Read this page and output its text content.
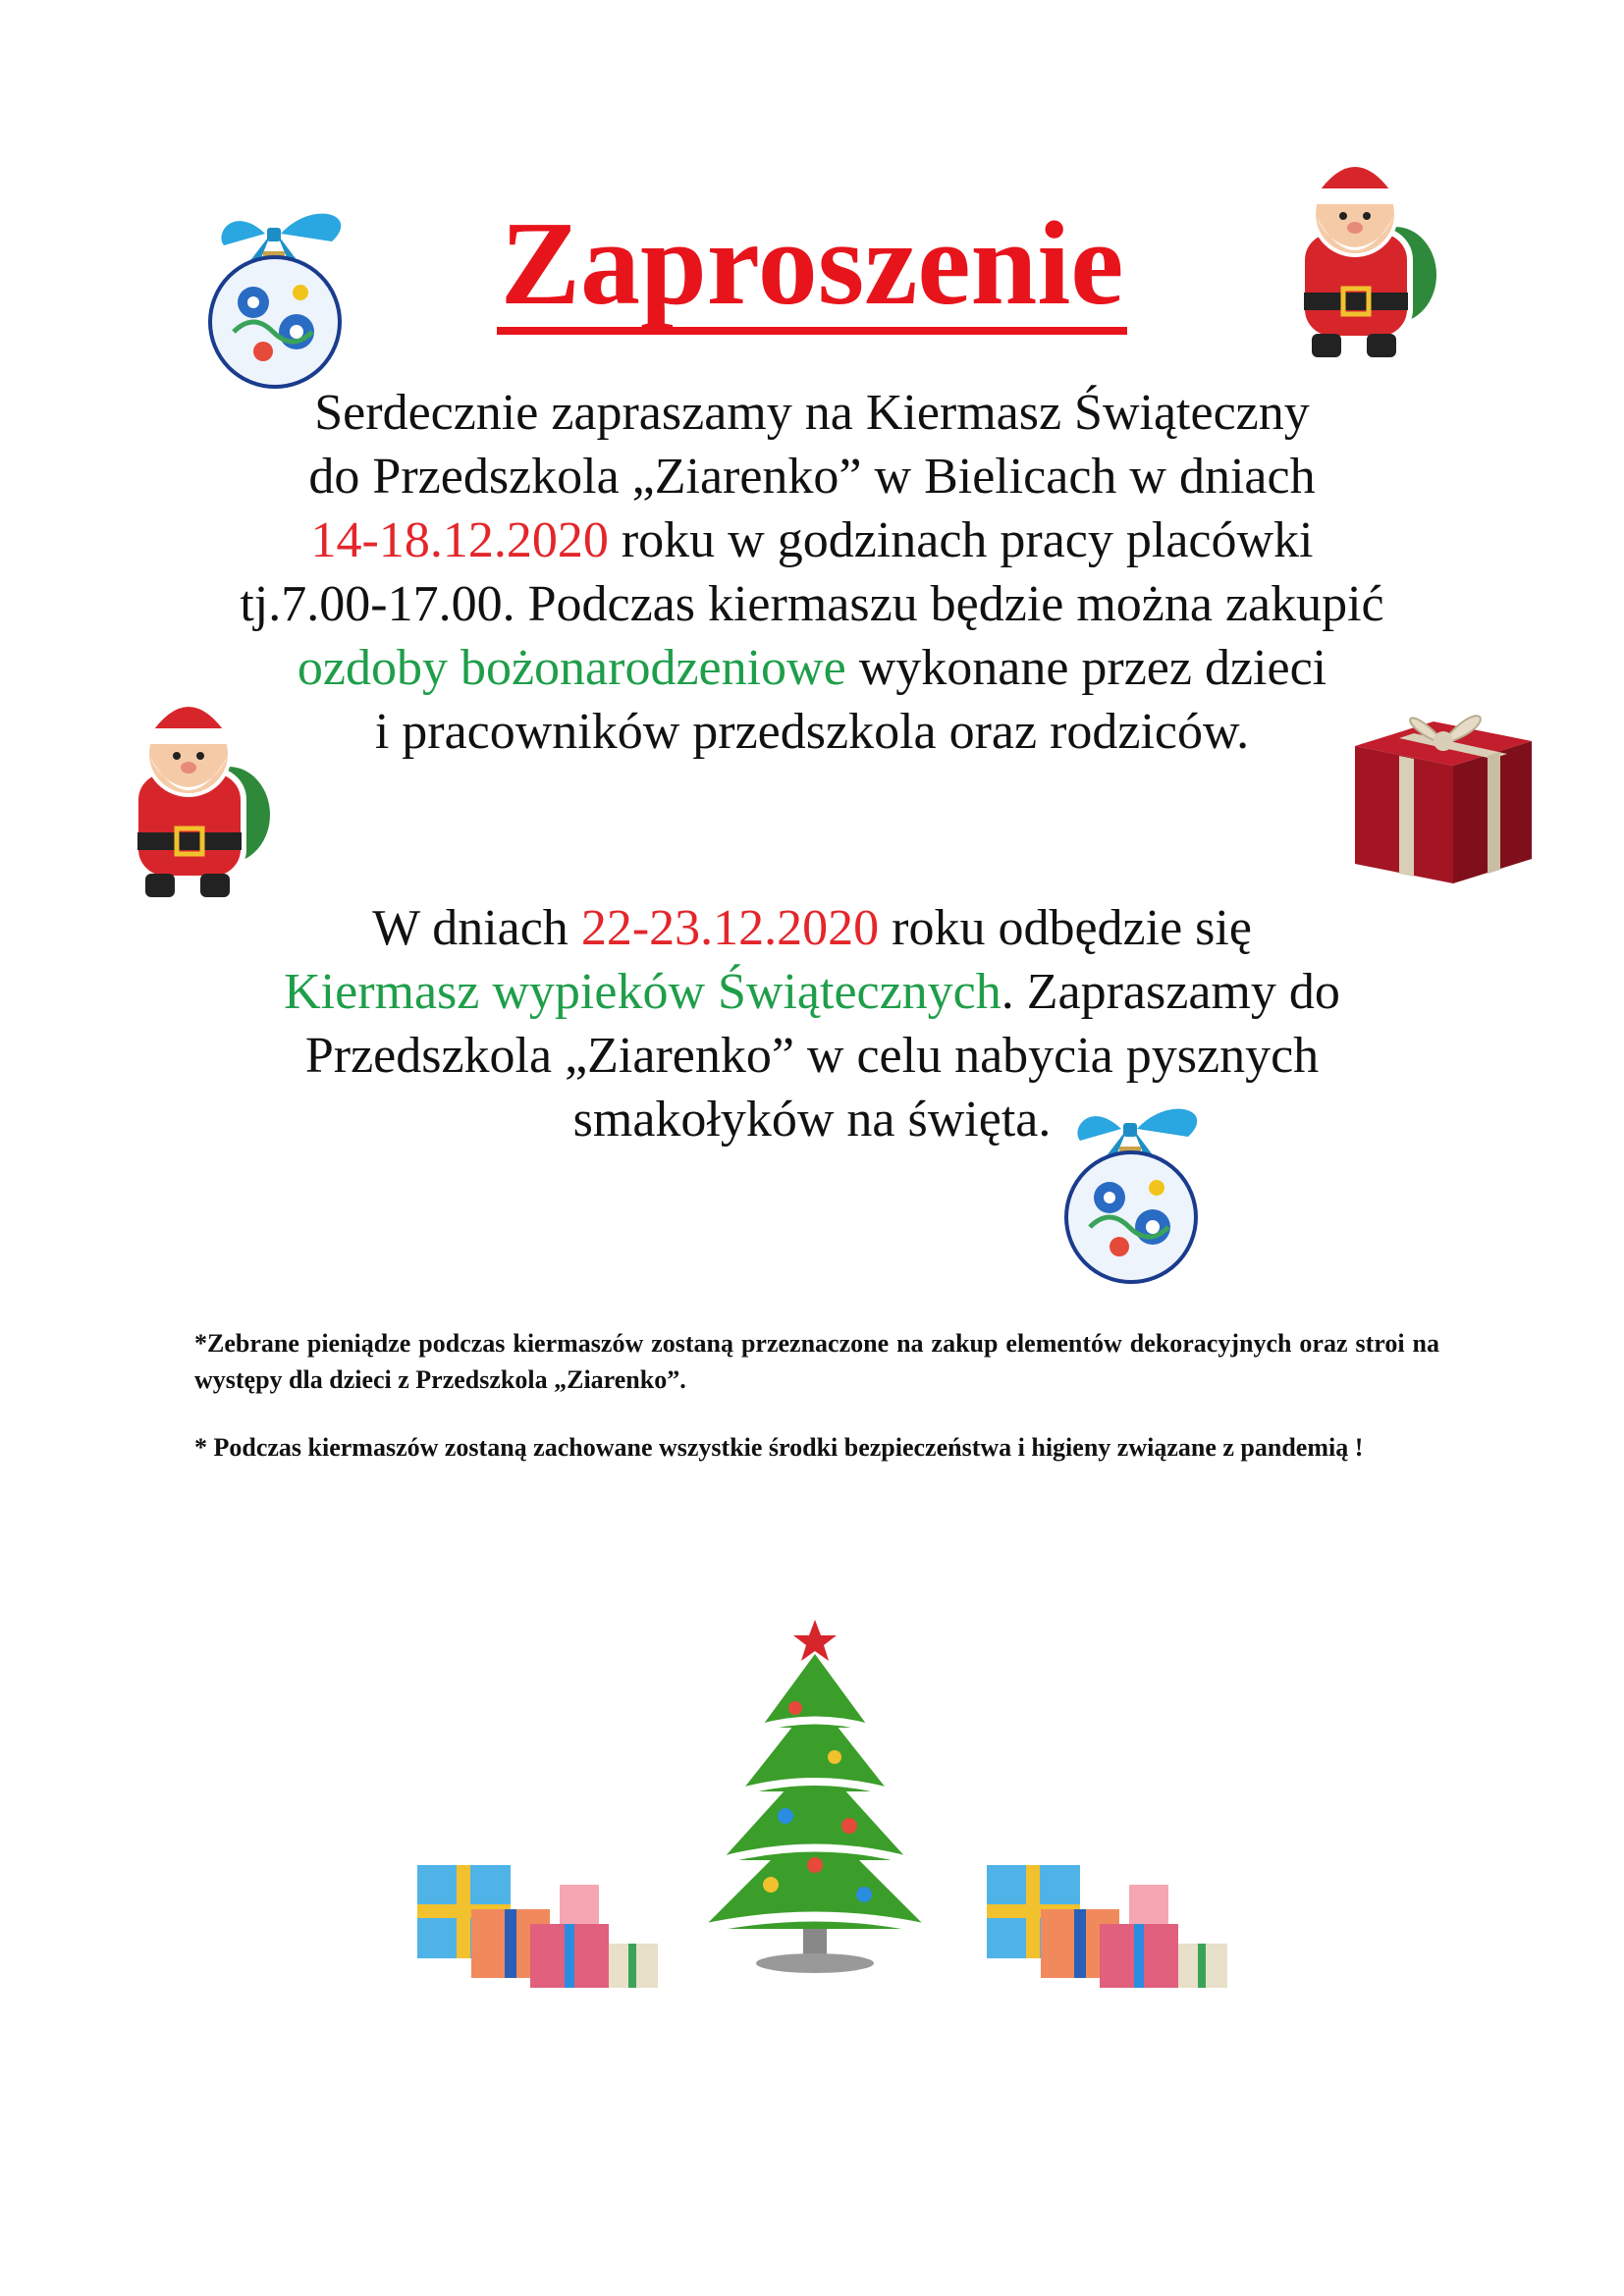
Zaproszenie
Serdecznie zapraszamy na Kiermasz Świąteczny
do Przedszkola „Ziarenko” w Bielicach w dniach
14-18.12.2020 roku w godzinach pracy placówki
tj.7.00-17.00. Podczas kiermaszu będzie można zakupić
ozdoby bożonarodzeniowe wykonane przez dzieci
i pracowników przedszkola oraz rodziców.
W dniach 22-23.12.2020 roku odbędzie się
Kiermasz wypieków Świątecznych. Zapraszamy do
Przedszkola „Ziarenko” w celu nabycia pysznych
smakołyków na święta.
*Zebrane pieniądze podczas kiermaszów zostaną przeznaczone na zakup elementów dekoracyjnych oraz stroi na występy dla dzieci z Przedszkola „Ziarenko”.
* Podczas kiermaszów zostaną zachowane wszystkie środki bezpieczeństwa i higieny związane z pandemią !
